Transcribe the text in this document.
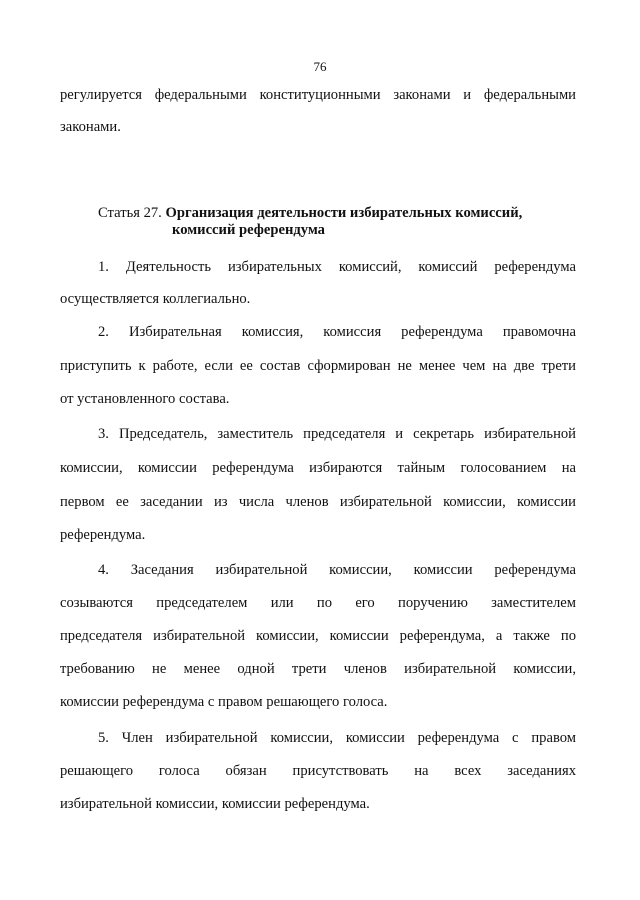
76
регулируется федеральными конституционными законами и федеральными
законами.
Статья 27. Организация деятельности избирательных комиссий,
комиссий референдума
1. Деятельность избирательных комиссий, комиссий референдума
осуществляется коллегиально.
2. Избирательная комиссия, комиссия референдума правомочна
приступить к работе, если ее состав сформирован не менее чем на две трети
от установленного состава.
3. Председатель, заместитель председателя и секретарь избирательной
комиссии, комиссии референдума избираются тайным голосованием на
первом ее заседании из числа членов избирательной комиссии, комиссии
референдума.
4. Заседания избирательной комиссии, комиссии референдума
созываются председателем или по его поручению заместителем
председателя избирательной комиссии, комиссии референдума, а также по
требованию не менее одной трети членов избирательной комиссии,
комиссии референдума с правом решающего голоса.
5. Член избирательной комиссии, комиссии референдума с правом
решающего голоса обязан присутствовать на всех заседаниях
избирательной комиссии, комиссии референдума.
